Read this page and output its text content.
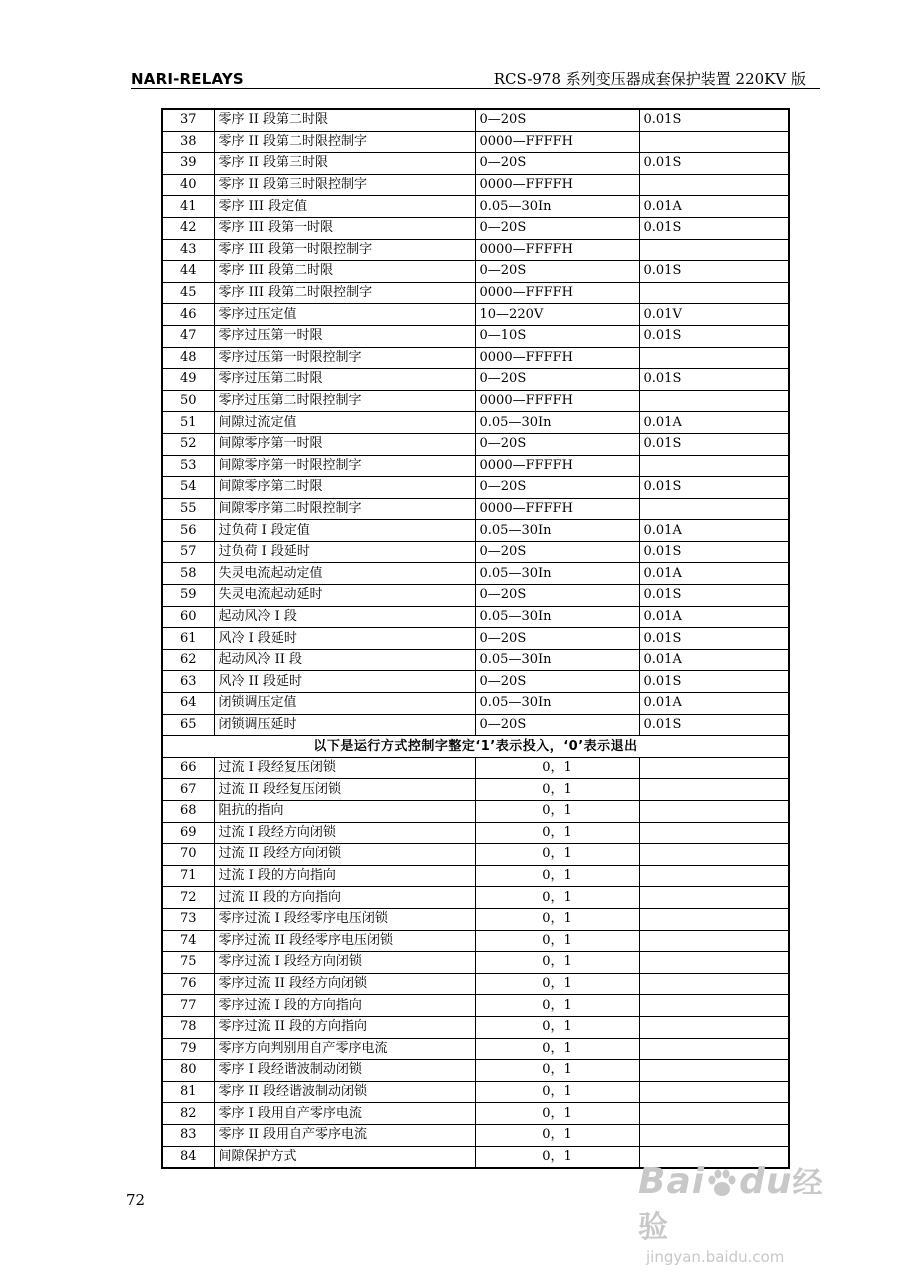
NARI-RELAYS	RCS-978 系列变压器成套保护装置 220KV 版
37	零序 II 段第二时限	0—20S	0.01S
38	零序 II 段第二时限控制字	0000—FFFFH	
39	零序 II 段第三时限	0—20S	0.01S
40	零序 II 段第三时限控制字	0000—FFFFH	
41	零序 III 段定值	0.05—30In	0.01A
42	零序 III 段第一时限	0—20S	0.01S
43	零序 III 段第一时限控制字	0000—FFFFH	
44	零序 III 段第二时限	0—20S	0.01S
45	零序 III 段第二时限控制字	0000—FFFFH	
46	零序过压定值	10—220V	0.01V
47	零序过压第一时限	0—10S	0.01S
48	零序过压第一时限控制字	0000—FFFFH	
49	零序过压第二时限	0—20S	0.01S
50	零序过压第二时限控制字	0000—FFFFH	
51	间隙过流定值	0.05—30In	0.01A
52	间隙零序第一时限	0—20S	0.01S
53	间隙零序第一时限控制字	0000—FFFFH	
54	间隙零序第二时限	0—20S	0.01S
55	间隙零序第二时限控制字	0000—FFFFH	
56	过负荷 I 段定值	0.05—30In	0.01A
57	过负荷 I 段延时	0—20S	0.01S
58	失灵电流起动定值	0.05—30In	0.01A
59	失灵电流起动延时	0—20S	0.01S
60	起动风冷 I 段	0.05—30In	0.01A
61	风冷 I 段延时	0—20S	0.01S
62	起动风冷 II 段	0.05—30In	0.01A
63	风冷 II 段延时	0—20S	0.01S
64	闭锁调压定值	0.05—30In	0.01A
65	闭锁调压延时	0—20S	0.01S
以下是运行方式控制字整定‘1’表示投入，‘0’表示退出			
66	过流 I 段经复压闭锁	0，1	
67	过流 II 段经复压闭锁	0，1	
68	阻抗的指向	0，1	
69	过流 I 段经方向闭锁	0，1	
70	过流 II 段经方向闭锁	0，1	
71	过流 I 段的方向指向	0，1	
72	过流 II 段的方向指向	0，1	
73	零序过流 I 段经零序电压闭锁	0，1	
74	零序过流 II 段经零序电压闭锁	0，1	
75	零序过流 I 段经方向闭锁	0，1	
76	零序过流 II 段经方向闭锁	0，1	
77	零序过流 I 段的方向指向	0，1	
78	零序过流 II 段的方向指向	0，1	
79	零序方向判别用自产零序电流	0，1	
80	零序 I 段经谐波制动闭锁	0，1	
81	零序 II 段经谐波制动闭锁	0，1	
82	零序 I 段用自产零序电流	0，1	
83	零序 II 段用自产零序电流	0，1	
84	间隙保护方式	0，1	
72	Bai du经验
jingyan.baidu.com
